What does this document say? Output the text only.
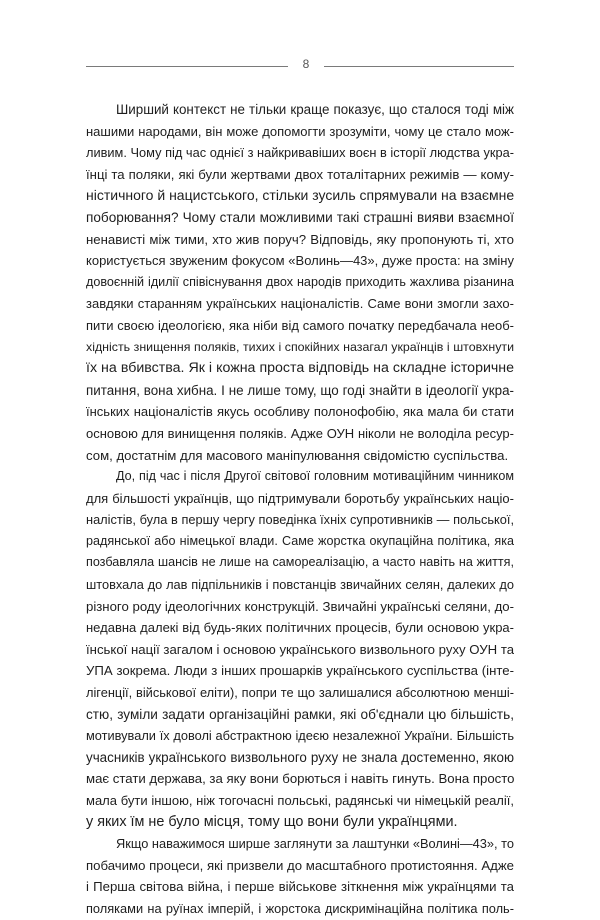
8
Ширший контекст не тільки краще показує, що сталося тоді між
нашими народами, він може допомогти зрозуміти, чому це стало мож-
ливим. Чому під час однієї з найкривавіших воєн в історії людства укра-
їнці та поляки, які були жертвами двох тоталітарних режимів — кому-
ністичного й нацистського, стільки зусиль спрямували на взаємне
поборювання? Чому стали можливими такі страшні вияви взаємної
ненависті між тими, хто жив поруч? Відповідь, яку пропонують ті, хто
користується звуженим фокусом «Волинь—43», дуже проста: на зміну
довоєнній ідилії співіснування двох народів приходить жахлива різанина
завдяки старанням українських націоналістів. Саме вони змогли захо-
пити своєю ідеологією, яка ніби від самого початку передбачала необ-
хідність знищення поляків, тихих і спокійних назагал українців і штовхнути
їх на вбивства. Як і кожна проста відповідь на складне історичне
питання, вона хибна. І не лише тому, що годі знайти в ідеології укра-
їнських націоналістів якусь особливу полонофобію, яка мала би стати
основою для винищення поляків. Адже ОУН ніколи не володіла ресур-
сом, достатнім для масового маніпулювання свідомістю суспільства.
До, під час і після Другої світової головним мотиваційним чинником
для більшості українців, що підтримували боротьбу українських націо-
налістів, була в першу чергу поведінка їхніх супротивників — польської,
радянської або німецької влади. Саме жорстка окупаційна політика, яка
позбавляла шансів не лише на самореалізацію, а часто навіть на життя,
штовхала до лав підпільників і повстанців звичайних селян, далеких до
різного роду ідеологічних конструкцій. Звичайні українські селяни, до-
недавна далекі від будь-яких політичних процесів, були основою укра-
їнської нації загалом і основою українського визвольного руху ОУН та
УПА зокрема. Люди з інших прошарків українського суспільства (інте-
лігенції, військової еліти), попри те що залишалися абсолютною менші-
стю, зуміли задати організаційні рамки, які об'єднали цю більшість,
мотивували їх доволі абстрактною ідеєю незалежної України. Більшість
учасників українського визвольного руху не знала достеменно, якою
має стати держава, за яку вони борються і навіть гинуть. Вона просто
мала бути іншою, ніж тогочасні польські, радянські чи німецькій реалії,
у яких їм не було місця, тому що вони були українцями.
Якщо наважимося ширше заглянути за лаштунки «Волині—43», то
побачимо процеси, які призвели до масштабного протистояння. Адже
і Перша світова війна, і перше військове зіткнення між українцями та
поляками на руїнах імперій, і жорстока дискримінаційна політика поль-
